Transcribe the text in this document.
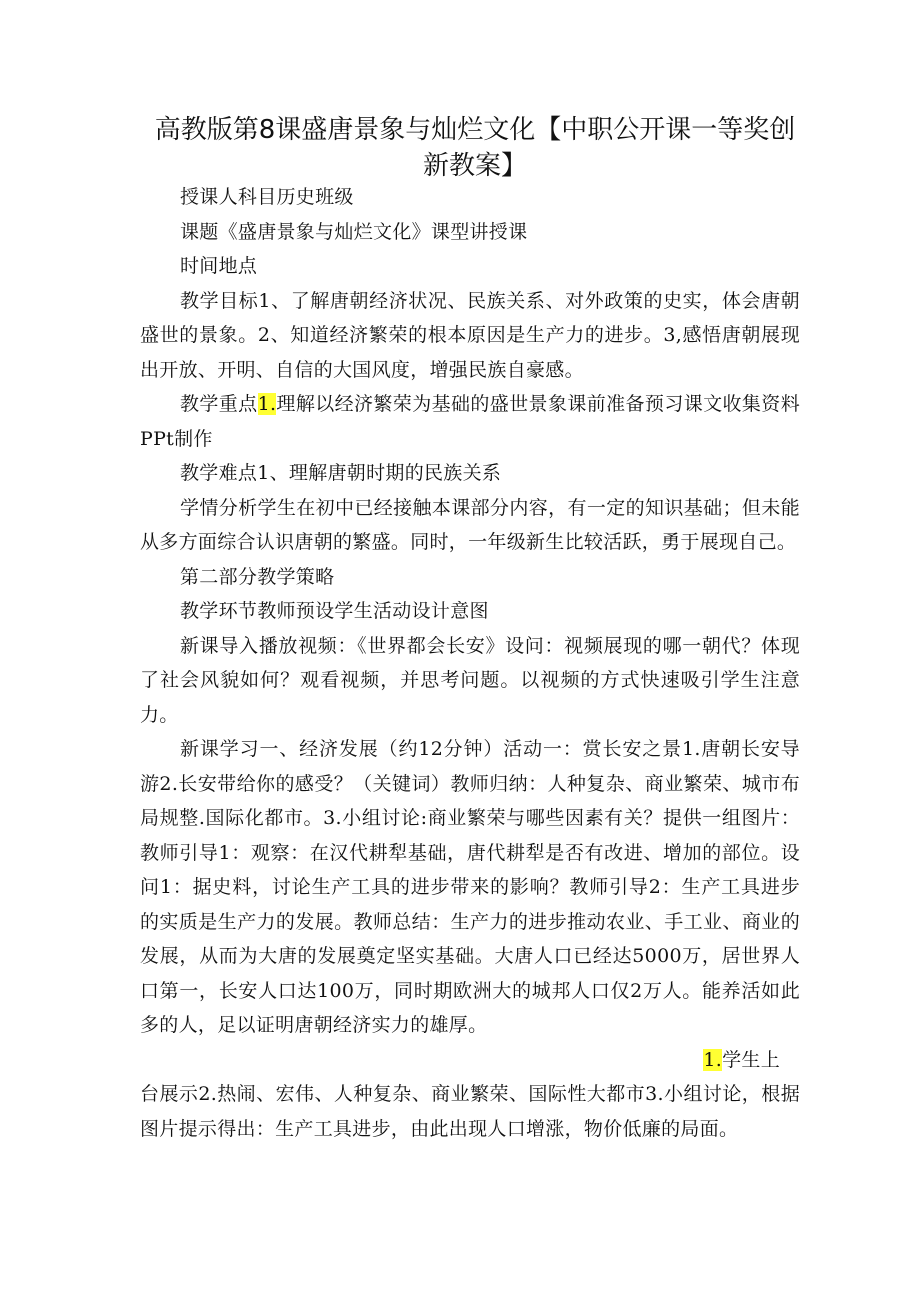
高教版第8课盛唐景象与灿烂文化【中职公开课一等奖创新教案】

授课人科目历史班级

课题《盛唐景象与灿烂文化》课型讲授课

时间地点

教学目标1、了解唐朝经济状况、民族关系、对外政策的史实，体会唐朝盛世的景象。2、知道经济繁荣的根本原因是生产力的进步。3,感悟唐朝展现出开放、开明、自信的大国风度，增强民族自豪感。

教学重点1.理解以经济繁荣为基础的盛世景象课前准备预习课文收集资料PPt制作

教学难点1、理解唐朝时期的民族关系

学情分析学生在初中已经接触本课部分内容，有一定的知识基础；但未能从多方面综合认识唐朝的繁盛。同时，一年级新生比较活跃，勇于展现自己。

第二部分教学策略

教学环节教师预设学生活动设计意图

新课导入播放视频：《世界都会长安》设问：视频展现的哪一朝代？体现了社会风貌如何？观看视频，并思考问题。以视频的方式快速吸引学生注意力。

新课学习一、经济发展（约12分钟）活动一：赏长安之景1.唐朝长安导游2.长安带给你的感受？（关键词）教师归纳：人种复杂、商业繁荣、城市布局规整.国际化都市。3.小组讨论:商业繁荣与哪些因素有关？提供一组图片：教师引导1：观察：在汉代耕犁基础，唐代耕犁是否有改进、增加的部位。设问1：据史料，讨论生产工具的进步带来的影响？教师引导2：生产工具进步的实质是生产力的发展。教师总结：生产力的进步推动农业、手工业、商业的发展，从而为大唐的发展奠定坚实基础。大唐人口已经达5000万，居世界人口第一，长安人口达100万，同时期欧洲大的城邦人口仅2万人。能养活如此多的人，足以证明唐朝经济实力的雄厚。

1.学生上

台展示2.热闹、宏伟、人种复杂、商业繁荣、国际性大都市3.小组讨论，根据图片提示得出：生产工具进步，由此出现人口增涨，物价低廉的局面。
